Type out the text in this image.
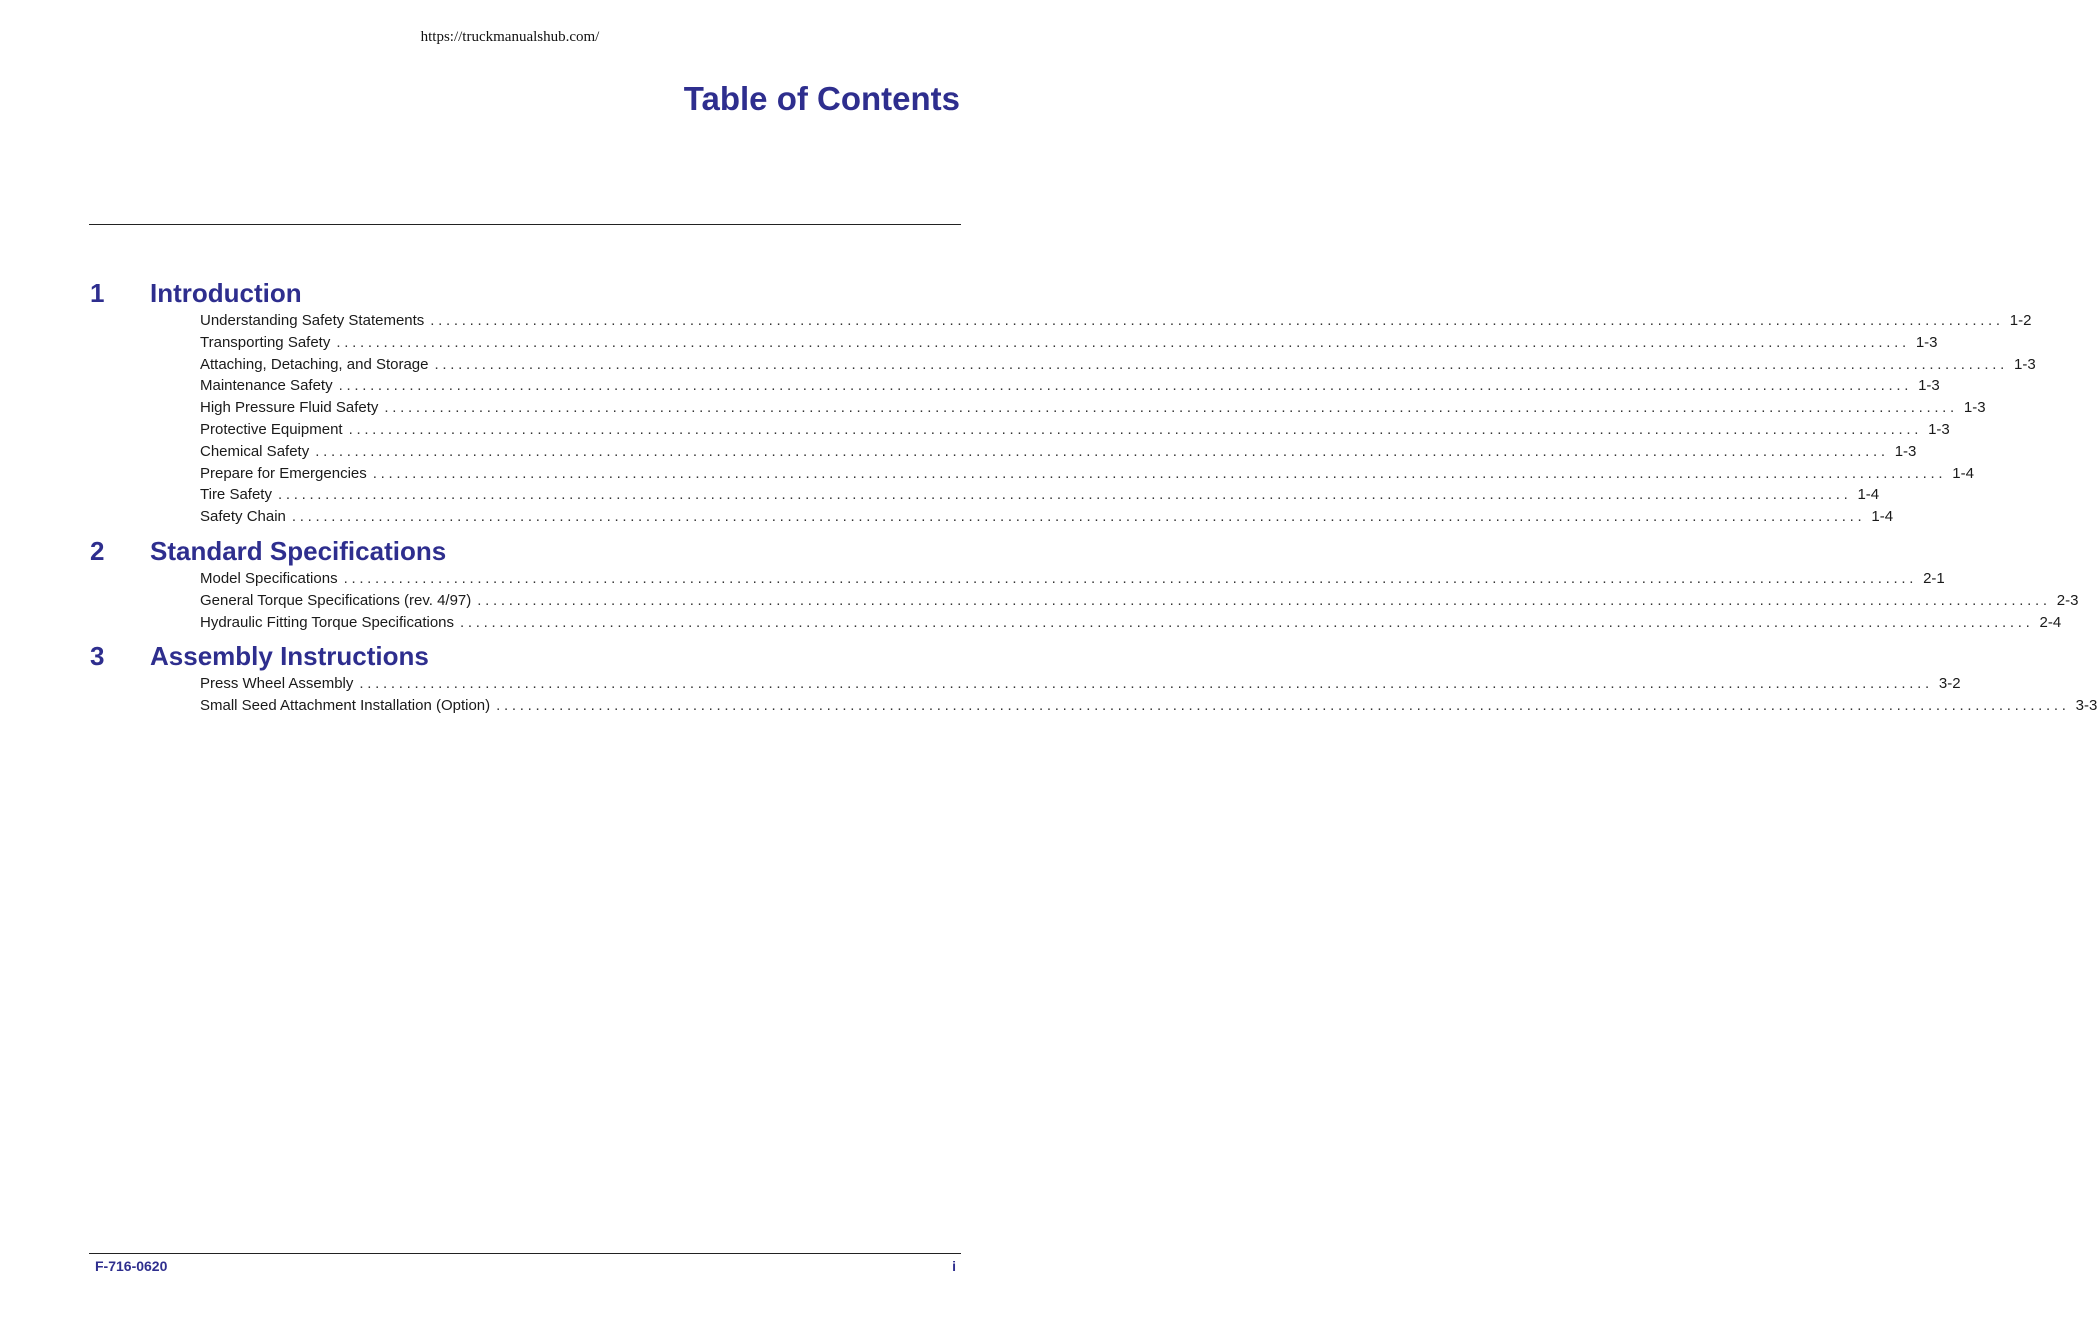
https://truckmanualshub.com/
Table of Contents
1	Introduction
Understanding Safety Statements ........................................................................................................................................................................................................ 1-2
Transporting Safety ........................................................................................................................................................................................................ 1-3
Attaching, Detaching, and Storage ........................................................................................................................................................................................................ 1-3
Maintenance Safety ........................................................................................................................................................................................................ 1-3
High Pressure Fluid Safety ........................................................................................................................................................................................................ 1-3
Protective Equipment ........................................................................................................................................................................................................ 1-3
Chemical Safety ........................................................................................................................................................................................................ 1-3
Prepare for Emergencies ........................................................................................................................................................................................................ 1-4
Tire Safety ........................................................................................................................................................................................................ 1-4
Safety Chain ........................................................................................................................................................................................................ 1-4
2	Standard Specifications
Model Specifications ........................................................................................................................................................................................................ 2-1
General Torque Specifications (rev. 4/97) ........................................................................................................................................................................................................ 2-3
Hydraulic Fitting Torque Specifications ........................................................................................................................................................................................................ 2-4
3	Assembly Instructions
Press Wheel Assembly ........................................................................................................................................................................................................ 3-2
Small Seed Attachment Installation (Option) ........................................................................................................................................................................................................ 3-3
F-716-0620	i
